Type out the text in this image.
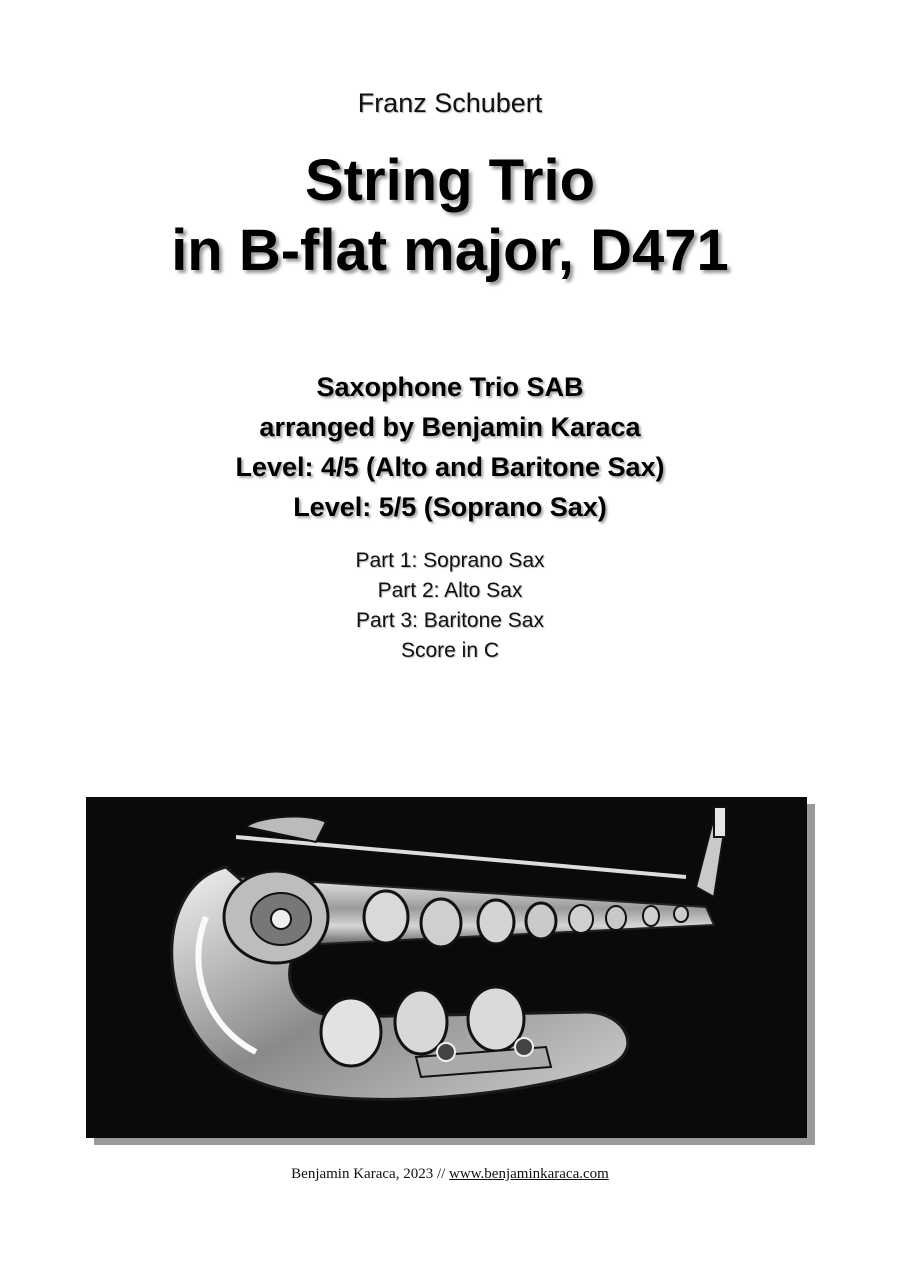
Franz Schubert
String Trio
in B-flat major, D471
Saxophone Trio SAB
arranged by Benjamin Karaca
Level: 4/5 (Alto and Baritone Sax)
Level: 5/5 (Soprano Sax)
Part 1: Soprano Sax
Part 2: Alto Sax
Part 3: Baritone Sax
Score in C
Benjamin Karaca, 2023 // www.benjaminkaraca.com
